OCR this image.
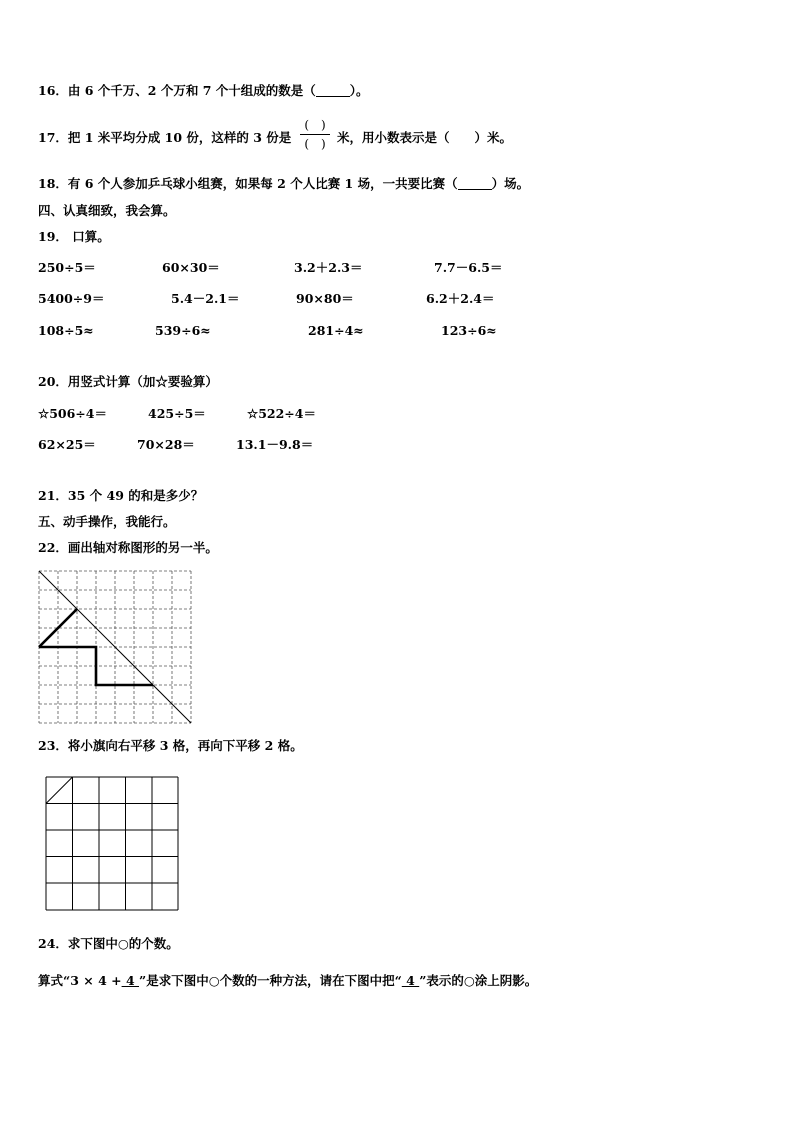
16．由 6 个千万、2 个万和 7 个十组成的数是（	）。
17．把 1 米平均分成 10 份，这样的 3 份是
(　)
(　) 米，用小数表示是（　　）米。
18．有 6 个人参加乒乓球小组赛，如果每 2 个人比赛 1 场，一共要比赛（	）场。
四、认真细致，我会算。
19． 口算。
250÷5＝	60×30＝	3.2＋2.3＝	7.7－6.5＝
5400÷9＝	5.4－2.1＝	90×80＝	6.2＋2.4＝
108÷5≈	539÷6≈	281÷4≈	123÷6≈
20．用竖式计算（加☆要验算）
☆506÷4＝	425÷5＝	☆522÷4＝
62×25＝	70×28＝	13.1－9.8＝
21．35 个 49 的和是多少？
五、动手操作，我能行。
22．画出轴对称图形的另一半。
23．将小旗向右平移 3 格，再向下平移 2 格。
24．求下图中○的个数。
算式“3 × 4 + 4 ”是求下图中○个数的一种方法，请在下图中把“ 4 ”表示的○涂上阴影。
